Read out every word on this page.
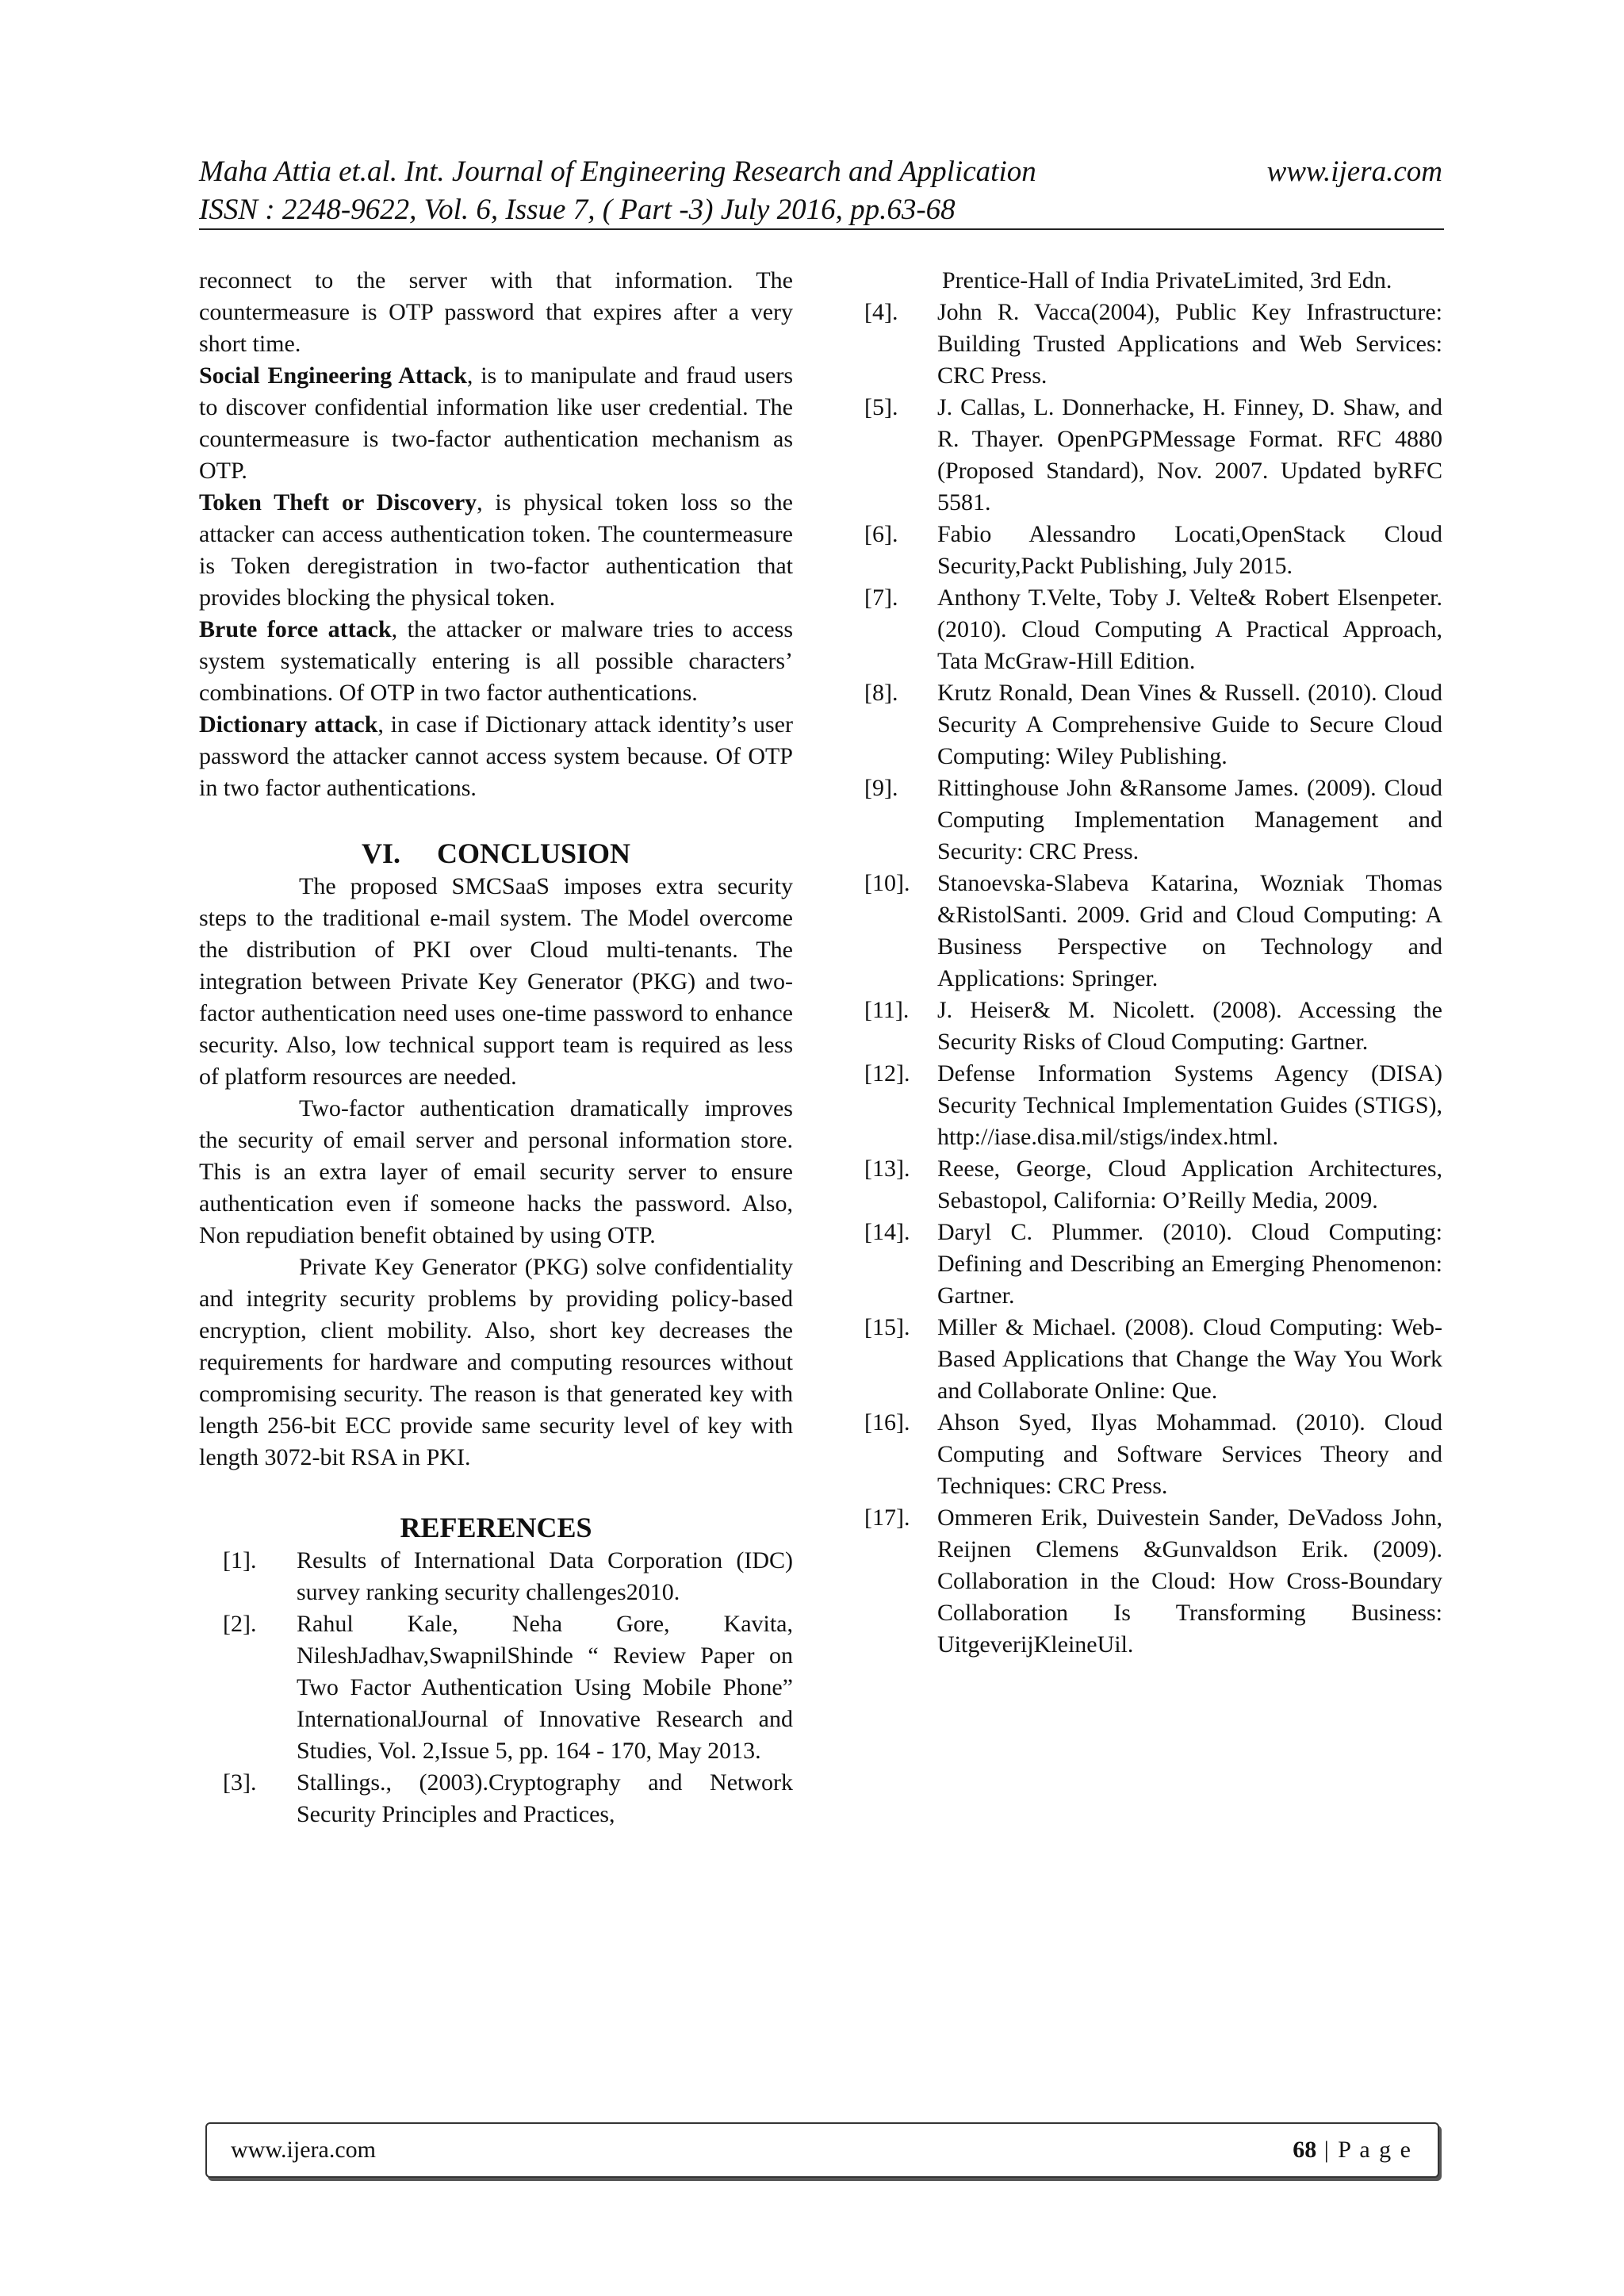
Maha Attia et.al. Int. Journal of Engineering Research and Application	www.ijera.com
ISSN : 2248-9622, Vol. 6, Issue 7, ( Part -3) July 2016, pp.63-68

reconnect to the server with that information. The countermeasure is OTP password that expires after a very short time.

Social Engineering Attack, is to manipulate and fraud users to discover confidential information like user credential. The countermeasure is two-factor authentication mechanism as OTP.

Token Theft or Discovery, is physical token loss so the attacker can access authentication token. The countermeasure is Token deregistration in two-factor authentication that provides blocking the physical token.

Brute force attack, the attacker or malware tries to access system systematically entering is all possible characters’ combinations. Of OTP in two factor authentications.

Dictionary attack, in case if Dictionary attack identity’s user password the attacker cannot access system because. Of OTP in two factor authentications.

VI. CONCLUSION

The proposed SMCSaaS imposes extra security steps to the traditional e-mail system. The Model overcome the distribution of PKI over Cloud multi-tenants. The integration between Private Key Generator (PKG) and two-factor authentication need uses one-time password to enhance security. Also, low technical support team is required as less of platform resources are needed.

Two-factor authentication dramatically improves the security of email server and personal information store. This is an extra layer of email security server to ensure authentication even if someone hacks the password. Also, Non repudiation benefit obtained by using OTP.

Private Key Generator (PKG) solve confidentiality and integrity security problems by providing policy-based encryption, client mobility. Also, short key decreases the requirements for hardware and computing resources without compromising security. The reason is that generated key with length 256-bit ECC provide same security level of key with length 3072-bit RSA in PKI.

REFERENCES
[1].	Results of International Data Corporation (IDC) survey ranking security challenges2010.
[2].	Rahul Kale, Neha Gore, Kavita, NileshJadhav,SwapnilShinde “ Review Paper on Two Factor Authentication Using Mobile Phone” InternationalJournal of Innovative Research and Studies, Vol. 2,Issue 5, pp. 164 - 170, May 2013.
[3].	Stallings., (2003).Cryptography and Network Security Principles and Practices,

Prentice-Hall of India PrivateLimited, 3rd Edn.

[4].	John R. Vacca(2004), Public Key Infrastructure: Building Trusted Applications and Web Services: CRC Press.
[5].	J. Callas, L. Donnerhacke, H. Finney, D. Shaw, and R. Thayer. OpenPGPMessage Format. RFC 4880 (Proposed Standard), Nov. 2007. Updated byRFC 5581.
[6].	Fabio Alessandro Locati,OpenStack Cloud Security,Packt Publishing, July 2015.
[7].	Anthony T.Velte, Toby J. Velte& Robert Elsenpeter. (2010). Cloud Computing A Practical Approach, Tata McGraw-Hill Edition.
[8].	Krutz Ronald, Dean Vines & Russell. (2010). Cloud Security A Comprehensive Guide to Secure Cloud Computing: Wiley Publishing.
[9].	Rittinghouse John &Ransome James. (2009). Cloud Computing Implementation Management and Security: CRC Press.
[10].	Stanoevska-Slabeva Katarina, Wozniak Thomas &RistolSanti. 2009. Grid and Cloud Computing: A Business Perspective on Technology and Applications: Springer.
[11].	J. Heiser& M. Nicolett. (2008). Accessing the Security Risks of Cloud Computing: Gartner.
[12].	Defense Information Systems Agency (DISA) Security Technical Implementation Guides (STIGS), http://iase.disa.mil/stigs/index.html.
[13].	Reese, George, Cloud Application Architectures, Sebastopol, California: O’Reilly Media, 2009.
[14].	Daryl C. Plummer. (2010). Cloud Computing: Defining and Describing an Emerging Phenomenon: Gartner.
[15].	Miller & Michael. (2008). Cloud Computing: Web-Based Applications that Change the Way You Work and Collaborate Online: Que.
[16].	Ahson Syed, Ilyas Mohammad. (2010). Cloud Computing and Software Services Theory and Techniques: CRC Press.
[17].	Ommeren Erik, Duivestein Sander, DeVadoss John, Reijnen Clemens &Gunvaldson Erik. (2009). Collaboration in the Cloud: How Cross-Boundary Collaboration Is Transforming Business: UitgeverijKleineUil.
www.ijera.com	68 | P a g e
